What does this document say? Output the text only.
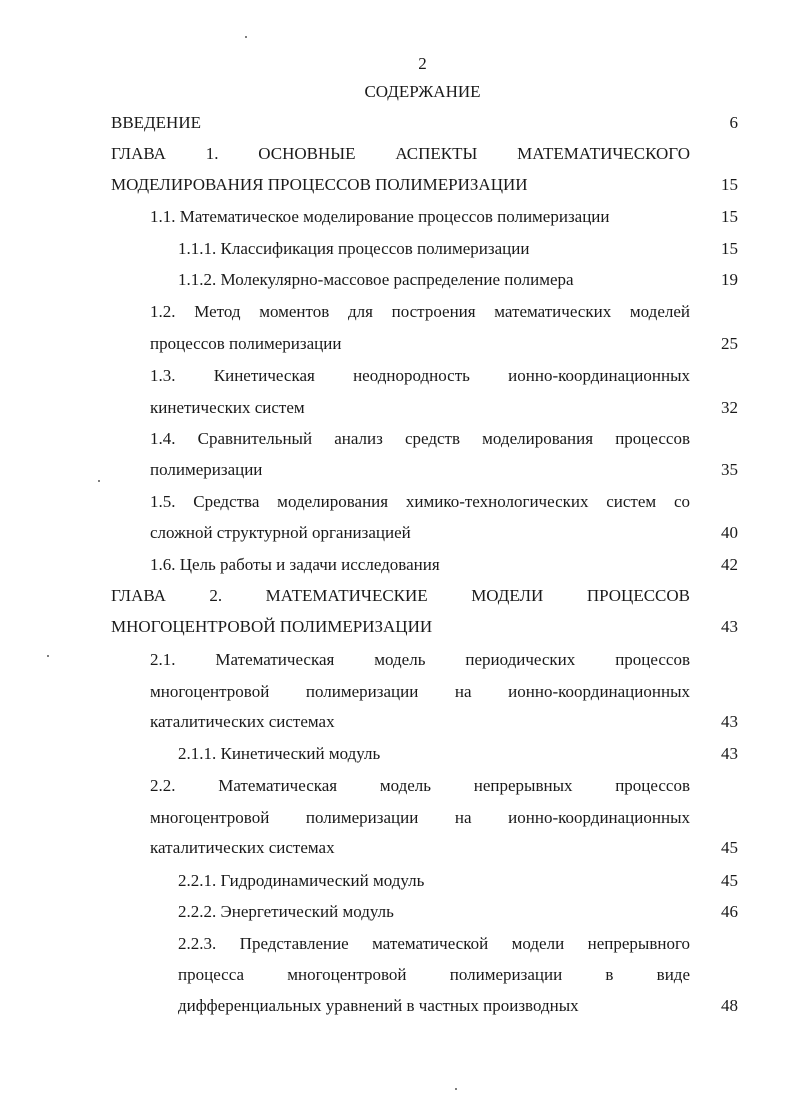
2
СОДЕРЖАНИЕ
ВВЕДЕНИЕ	6
ГЛАВА 1. ОСНОВНЫЕ АСПЕКТЫ МАТЕМАТИЧЕСКОГО
МОДЕЛИРОВАНИЯ ПРОЦЕССОВ ПОЛИМЕРИЗАЦИИ	15
1.1. Математическое моделирование процессов полимеризации	15
1.1.1. Классификация процессов полимеризации	15
1.1.2. Молекулярно-массовое распределение полимера	19
1.2. Метод моментов для построения математических моделей
процессов полимеризации	25
1.3. Кинетическая неоднородность ионно-координационных
кинетических систем	32
1.4. Сравнительный анализ средств моделирования процессов
полимеризации	35
1.5. Средства моделирования химико-технологических систем со
сложной структурной организацией	40
1.6. Цель работы и задачи исследования	42
ГЛАВА 2. МАТЕМАТИЧЕСКИЕ МОДЕЛИ ПРОЦЕССОВ
МНОГОЦЕНТРОВОЙ ПОЛИМЕРИЗАЦИИ	43
2.1. Математическая модель периодических процессов
многоцентровой полимеризации на ионно-координационных
каталитических системах	43
2.1.1. Кинетический модуль	43
2.2. Математическая модель непрерывных процессов
многоцентровой полимеризации на ионно-координационных
каталитических системах	45
2.2.1. Гидродинамический модуль	45
2.2.2. Энергетический модуль	46
2.2.3. Представление математической модели непрерывного
процесса многоцентровой полимеризации в виде
дифференциальных уравнений в частных производных	48
